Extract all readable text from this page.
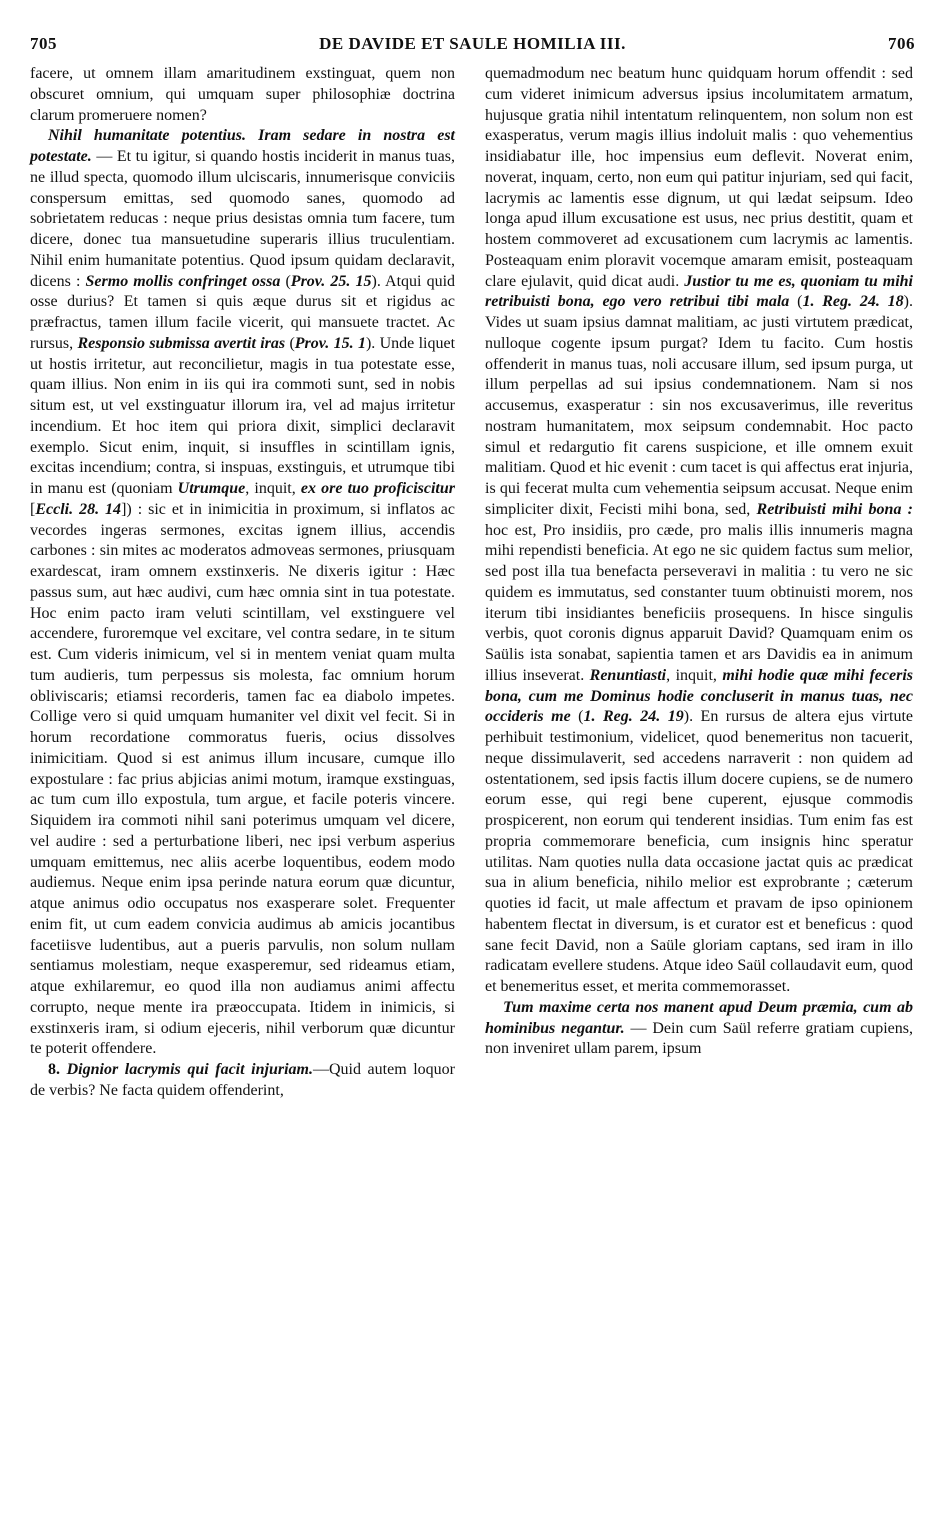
705	DE DAVIDE ET SAULE HOMILIA III.	706

facere, ut omnem illam amaritudinem exstinguat, quem non obscuret omnium, qui umquam super philosophiæ doctrina clarum promeruere nomen?

Nihil humanitate potentius. Iram sedare in nostra est potestate. — Et tu igitur, si quando hostis inciderit in manus tuas, ne illud specta, quomodo illum ulciscaris, innumerisque conviciis conspersum emittas, sed quomodo sanes, quomodo ad sobrietatem reducas : neque prius desistas omnia tum facere, tum dicere, donec tua mansuetudine superaris illius truculentiam. Nihil enim humanitate potentius. Quod ipsum quidam declaravit, dicens : Sermo mollis confringet ossa (Prov. 25. 15). Atqui quid osse durius? Et tamen si quis æque durus sit et rigidus ac præfractus, tamen illum facile vicerit, qui mansuete tractet. Ac rursus, Responsio submissa avertit iras (Prov. 15. 1). Unde liquet ut hostis irritetur, aut reconcilietur, magis in tua potestate esse, quam illius. Non enim in iis qui ira commoti sunt, sed in nobis situm est, ut vel exstinguatur illorum ira, vel ad majus irritetur incendium. Et hoc item qui priora dixit, simplici declaravit exemplo. Sicut enim, inquit, si insuffles in scintillam ignis, excitas incendium; contra, si inspuas, exstinguis, et utrumque tibi in manu est (quoniam Utrumque, inquit, ex ore tuo proficiscitur [Eccli. 28. 14]) : sic et in inimicitia in proximum, si inflatos ac vecordes ingeras sermones, excitas ignem illius, accendis carbones : sin mites ac moderatos admoveas sermones, priusquam exardescat, iram omnem exstinxeris. Ne dixeris igitur : Hæc passus sum, aut hæc audivi, cum hæc omnia sint in tua potestate. Hoc enim pacto iram veluti scintillam, vel exstinguere vel accendere, furoremque vel excitare, vel contra sedare, in te situm est. Cum videris inimicum, vel si in mentem veniat quam multa tum audieris, tum perpessus sis molesta, fac omnium horum obliviscaris; etiamsi recorderis, tamen fac ea diabolo impetes. Collige vero si quid umquam humaniter vel dixit vel fecit. Si in horum recordatione commoratus fueris, ocius dissolves inimicitiam. Quod si est animus illum incusare, cumque illo expostulare : fac prius abjicias animi motum, iramque exstinguas, ac tum cum illo expostula, tum argue, et facile poteris vincere. Siquidem ira commoti nihil sani poterimus umquam vel dicere, vel audire : sed a perturbatione liberi, nec ipsi verbum asperius umquam emittemus, nec aliis acerbe loquentibus, eodem modo audiemus. Neque enim ipsa perinde natura eorum quæ dicuntur, atque animus odio occupatus nos exasperare solet. Frequenter enim fit, ut cum eadem convicia audimus ab amicis jocantibus facetiisve ludentibus, aut a pueris parvulis, non solum nullam sentiamus molestiam, neque exasperemur, sed rideamus etiam, atque exhilaremur, eo quod illa non audiamus animi affectu corrupto, neque mente ira præoccupata. Itidem in inimicis, si exstinxeris iram, si odium ejeceris, nihil verborum quæ dicuntur te poterit offendere.

8. Dignior lacrymis qui facit injuriam.—Quid autem loquor de verbis? Ne facta quidem offenderint,

quemadmodum nec beatum hunc quidquam horum offendit : sed cum videret inimicum adversus ipsius incolumitatem armatum, hujusque gratia nihil intentatum relinquentem, non solum non est exasperatus, verum magis illius indoluit malis : quo vehementius insidiabatur ille, hoc impensius eum deflevit. Noverat enim, noverat, inquam, certo, non eum qui patitur injuriam, sed qui facit, lacrymis ac lamentis esse dignum, ut qui lædat seipsum. Ideo longa apud illum excusatione est usus, nec prius destitit, quam et hostem commoveret ad excusationem cum lacrymis ac lamentis. Posteaquam enim ploravit vocemque amaram emisit, posteaquam clare ejulavit, quid dicat audi. Justior tu me es, quoniam tu mihi retribuisti bona, ego vero retribui tibi mala (1. Reg. 24. 18). Vides ut suam ipsius damnat malitiam, ac justi virtutem prædicat, nulloque cogente ipsum purgat? Idem tu facito. Cum hostis offenderit in manus tuas, noli accusare illum, sed ipsum purga, ut illum perpellas ad sui ipsius condemnationem. Nam si nos accusemus, exasperatur : sin nos excusaverimus, ille reveritus nostram humanitatem, mox seipsum condemnabit. Hoc pacto simul et redargutio fit carens suspicione, et ille omnem exuit malitiam. Quod et hic evenit : cum tacet is qui affectus erat injuria, is qui fecerat multa cum vehementia seipsum accusat. Neque enim simpliciter dixit, Fecisti mihi bona, sed, Retribuisti mihi bona : hoc est, Pro insidiis, pro cæde, pro malis illis innumeris magna mihi rependisti beneficia. At ego ne sic quidem factus sum melior, sed post illa tua benefacta perseveravi in malitia : tu vero ne sic quidem es immutatus, sed constanter tuum obtinuisti morem, nos iterum tibi insidiantes beneficiis prosequens. In hisce singulis verbis, quot coronis dignus apparuit David? Quamquam enim os Saülis ista sonabat, sapientia tamen et ars Davidis ea in animum illius inseverat. Renuntiasti, inquit, mihi hodie quæ mihi feceris bona, cum me Dominus hodie concluserit in manus tuas, nec occideris me (1. Reg. 24. 19). En rursus de altera ejus virtute perhibuit testimonium, videlicet, quod benemeritus non tacuerit, neque dissimulaverit, sed accedens narraverit : non quidem ad ostentationem, sed ipsis factis illum docere cupiens, se de numero eorum esse, qui regi bene cuperent, ejusque commodis prospicerent, non eorum qui tenderent insidias. Tum enim fas est propria commemorare beneficia, cum insignis hinc speratur utilitas. Nam quoties nulla data occasione jactat quis ac prædicat sua in alium beneficia, nihilo melior est exprobrante ; cæterum quoties id facit, ut male affectum et pravam de ipso opinionem habentem flectat in diversum, is et curator est et beneficus : quod sane fecit David, non a Saüle gloriam captans, sed iram in illo radicatam evellere studens. Atque ideo Saül collaudavit eum, quod et benemeritus esset, et merita commemorasset.

Tum maxime certa nos manent apud Deum præmia, cum ab hominibus negantur. — Dein cum Saül referre gratiam cupiens, non inveniret ullam parem, ipsum
